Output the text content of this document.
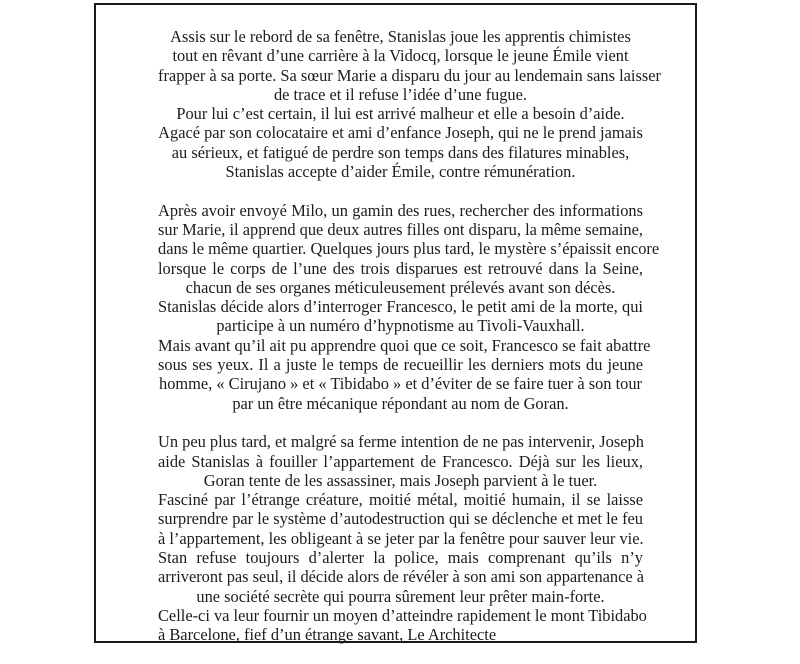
Assis sur le rebord de sa fenêtre, Stanislas joue les apprentis chimistes
tout en rêvant d’une carrière à la Vidocq, lorsque le jeune Émile vient
frapper à sa porte. Sa sœur Marie a disparu du jour au lendemain sans laisser
de trace et il refuse l’idée d’une fugue.
Pour lui c’est certain, il lui est arrivé malheur et elle a besoin d’aide.
Agacé par son colocataire et ami d’enfance Joseph, qui ne le prend jamais
au sérieux, et fatigué de perdre son temps dans des filatures minables,
Stanislas accepte d’aider Émile, contre rémunération.
Après avoir envoyé Milo, un gamin des rues, rechercher des informations
sur Marie, il apprend que deux autres filles ont disparu, la même semaine,
dans le même quartier. Quelques jours plus tard, le mystère s’épaissit encore
lorsque le corps de l’une des trois disparues est retrouvé dans la Seine,
chacun de ses organes méticuleusement prélevés avant son décès.
Stanislas décide alors d’interroger Francesco, le petit ami de la morte, qui
participe à un numéro d’hypnotisme au Tivoli-Vauxhall.
Mais avant qu’il ait pu apprendre quoi que ce soit, Francesco se fait abattre
sous ses yeux. Il a juste le temps de recueillir les derniers mots du jeune
homme, « Cirujano » et « Tibidabo » et d’éviter de se faire tuer à son tour
par un être mécanique répondant au nom de Goran.
Un peu plus tard, et malgré sa ferme intention de ne pas intervenir, Joseph
aide Stanislas à fouiller l’appartement de Francesco. Déjà sur les lieux,
Goran tente de les assassiner, mais Joseph parvient à le tuer.
Fasciné par l’étrange créature, moitié métal, moitié humain, il se laisse
surprendre par le système d’autodestruction qui se déclenche et met le feu
à l’appartement, les obligeant à se jeter par la fenêtre pour sauver leur vie.
Stan refuse toujours d’alerter la police, mais comprenant qu’ils n’y
arriveront pas seul, il décide alors de révéler à son ami son appartenance à
une société secrète qui pourra sûrement leur prêter main-forte.
Celle-ci va leur fournir un moyen d’atteindre rapidement le mont Tibidabo
à Barcelone, fief d’un étrange savant, Le Architecte
